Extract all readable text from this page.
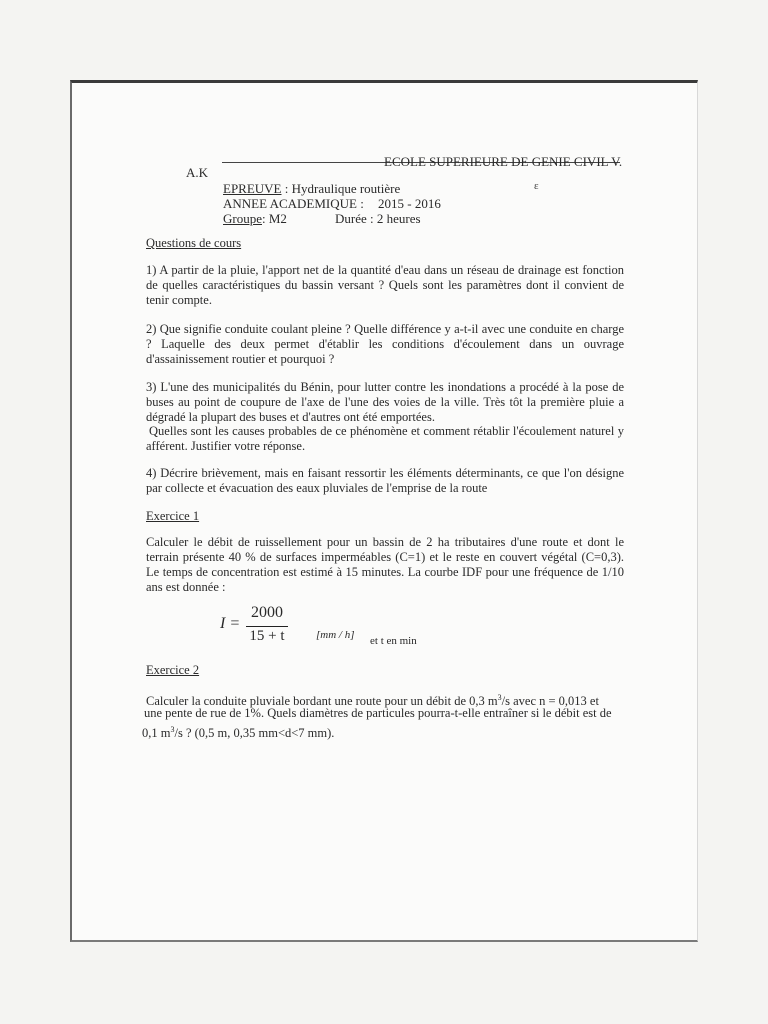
A.K
ECOLE SUPERIEURE DE GENIE CIVIL V.
ɛ
EPREUVE : Hydraulique routière
ANNEE ACADEMIQUE : 2015 - 2016
Groupe: M2	Durée : 2 heures
Questions de cours
1) A partir de la pluie, l'apport net de la quantité d'eau dans un réseau de drainage est fonction de quelles caractéristiques du bassin versant ? Quels sont les paramètres dont il convient de tenir compte.
2) Que signifie conduite coulant pleine ? Quelle différence y a-t-il avec une conduite en charge ? Laquelle des deux permet d'établir les conditions d'écoulement dans un ouvrage d'assainissement routier et pourquoi ?
3) L'une des municipalités du Bénin, pour lutter contre les inondations a procédé à la pose de buses au point de coupure de l'axe de l'une des voies de la ville. Très tôt la première pluie a dégradé la plupart des buses et d'autres ont été emportées.
Quelles sont les causes probables de ce phénomène et comment rétablir l'écoulement naturel y afférent. Justifier votre réponse.
4) Décrire brièvement, mais en faisant ressortir les éléments déterminants, ce que l'on désigne par collecte et évacuation des eaux pluviales de l'emprise de la route
Exercice 1
Calculer le débit de ruissellement pour un bassin de 2 ha tributaires d'une route et dont le terrain présente 40 % de surfaces imperméables (C=1) et le reste en couvert végétal (C=0,3). Le temps de concentration est estimé à 15 minutes. La courbe IDF pour une fréquence de 1/10 ans est donnée :
I =
2000
15 + t	[mm / h] et t en min
Exercice 2
Calculer la conduite pluviale bordant une route pour un débit de 0,3 $m^3/s$ avec n = 0,013 et
une pente de rue de 1%. Quels diamètres de particules pourra-t-elle entraîner si le débit est de
0,1 $m^3/s$ ? (0,5 m, 0,35 mm<d<7 mm).
